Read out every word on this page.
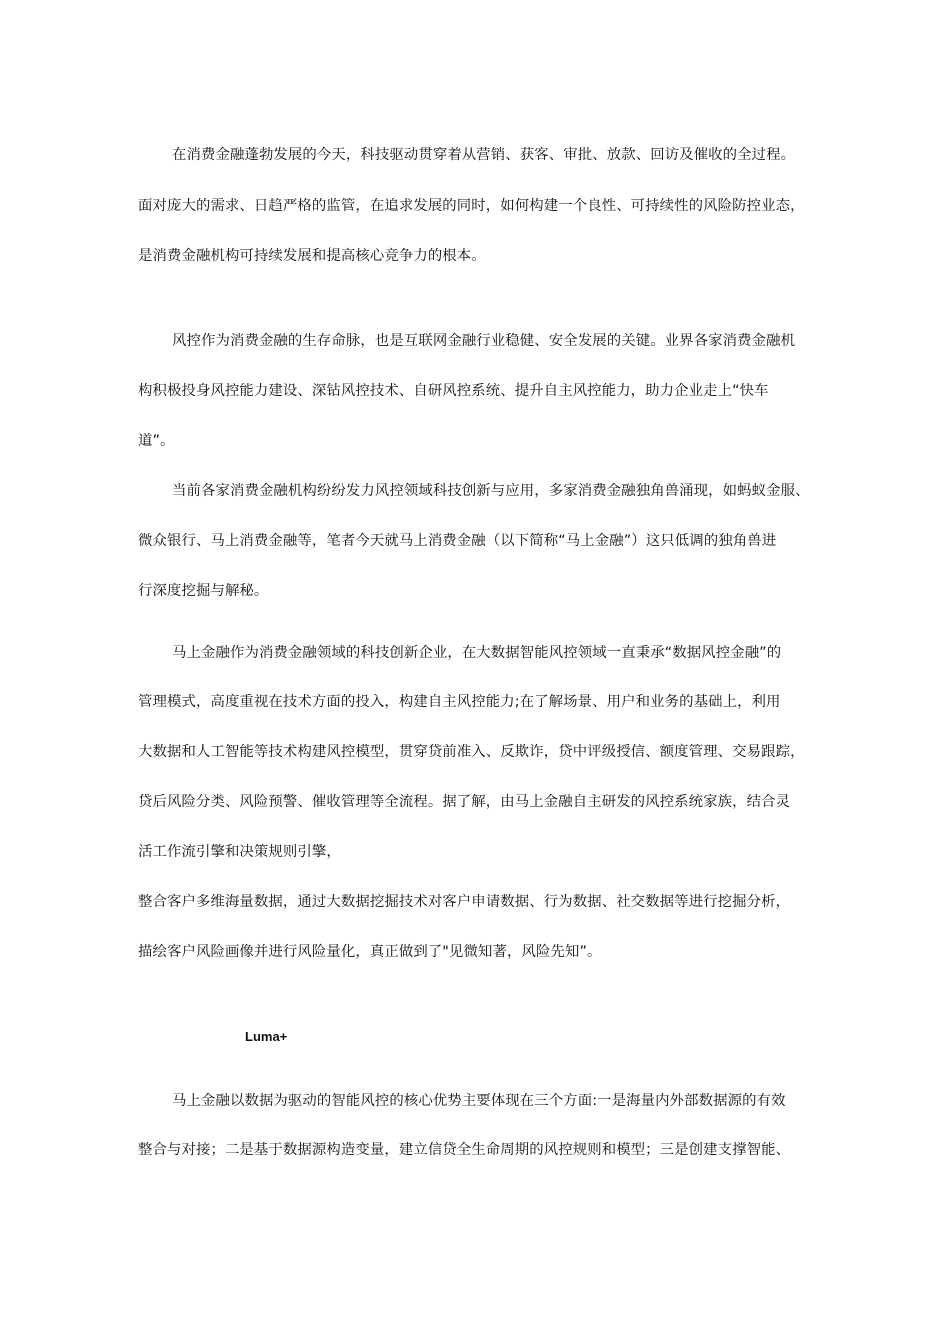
在消费金融蓬勃发展的今天，科技驱动贯穿着从营销、获客、审批、放款、回访及催收的全过程。
面对庞大的需求、日趋严格的监管，在追求发展的同时，如何构建一个良性、可持续性的风险防控业态，
是消费金融机构可持续发展和提高核心竞争力的根本。
风控作为消费金融的生存命脉，也是互联网金融行业稳健、安全发展的关键。业界各家消费金融机
构积极投身风控能力建设、深钻风控技术、自研风控系统、提升自主风控能力，助力企业走上“快车
道”。
当前各家消费金融机构纷纷发力风控领域科技创新与应用，多家消费金融独角兽涌现，如蚂蚁金服、
微众银行、马上消费金融等，笔者今天就马上消费金融（以下简称“马上金融”）这只低调的独角兽进
行深度挖掘与解秘。
马上金融作为消费金融领域的科技创新企业，在大数据智能风控领域一直秉承“数据风控金融”的
管理模式，高度重视在技术方面的投入，构建自主风控能力;在了解场景、用户和业务的基础上，利用
大数据和人工智能等技术构建风控模型，贯穿贷前准入、反欺诈，贷中评级授信、额度管理、交易跟踪，
贷后风险分类、风险预警、催收管理等全流程。据了解，由马上金融自主研发的风控系统家族，结合灵
活工作流引擎和决策规则引擎，
整合客户多维海量数据，通过大数据挖掘技术对客户申请数据、行为数据、社交数据等进行挖掘分析，
描绘客户风险画像并进行风险量化，真正做到了"见微知著，风险先知”。
Luma+
马上金融以数据为驱动的智能风控的核心优势主要体现在三个方面:一是海量内外部数据源的有效
整合与对接；二是基于数据源构造变量，建立信贷全生命周期的风控规则和模型；三是创建支撑智能、
